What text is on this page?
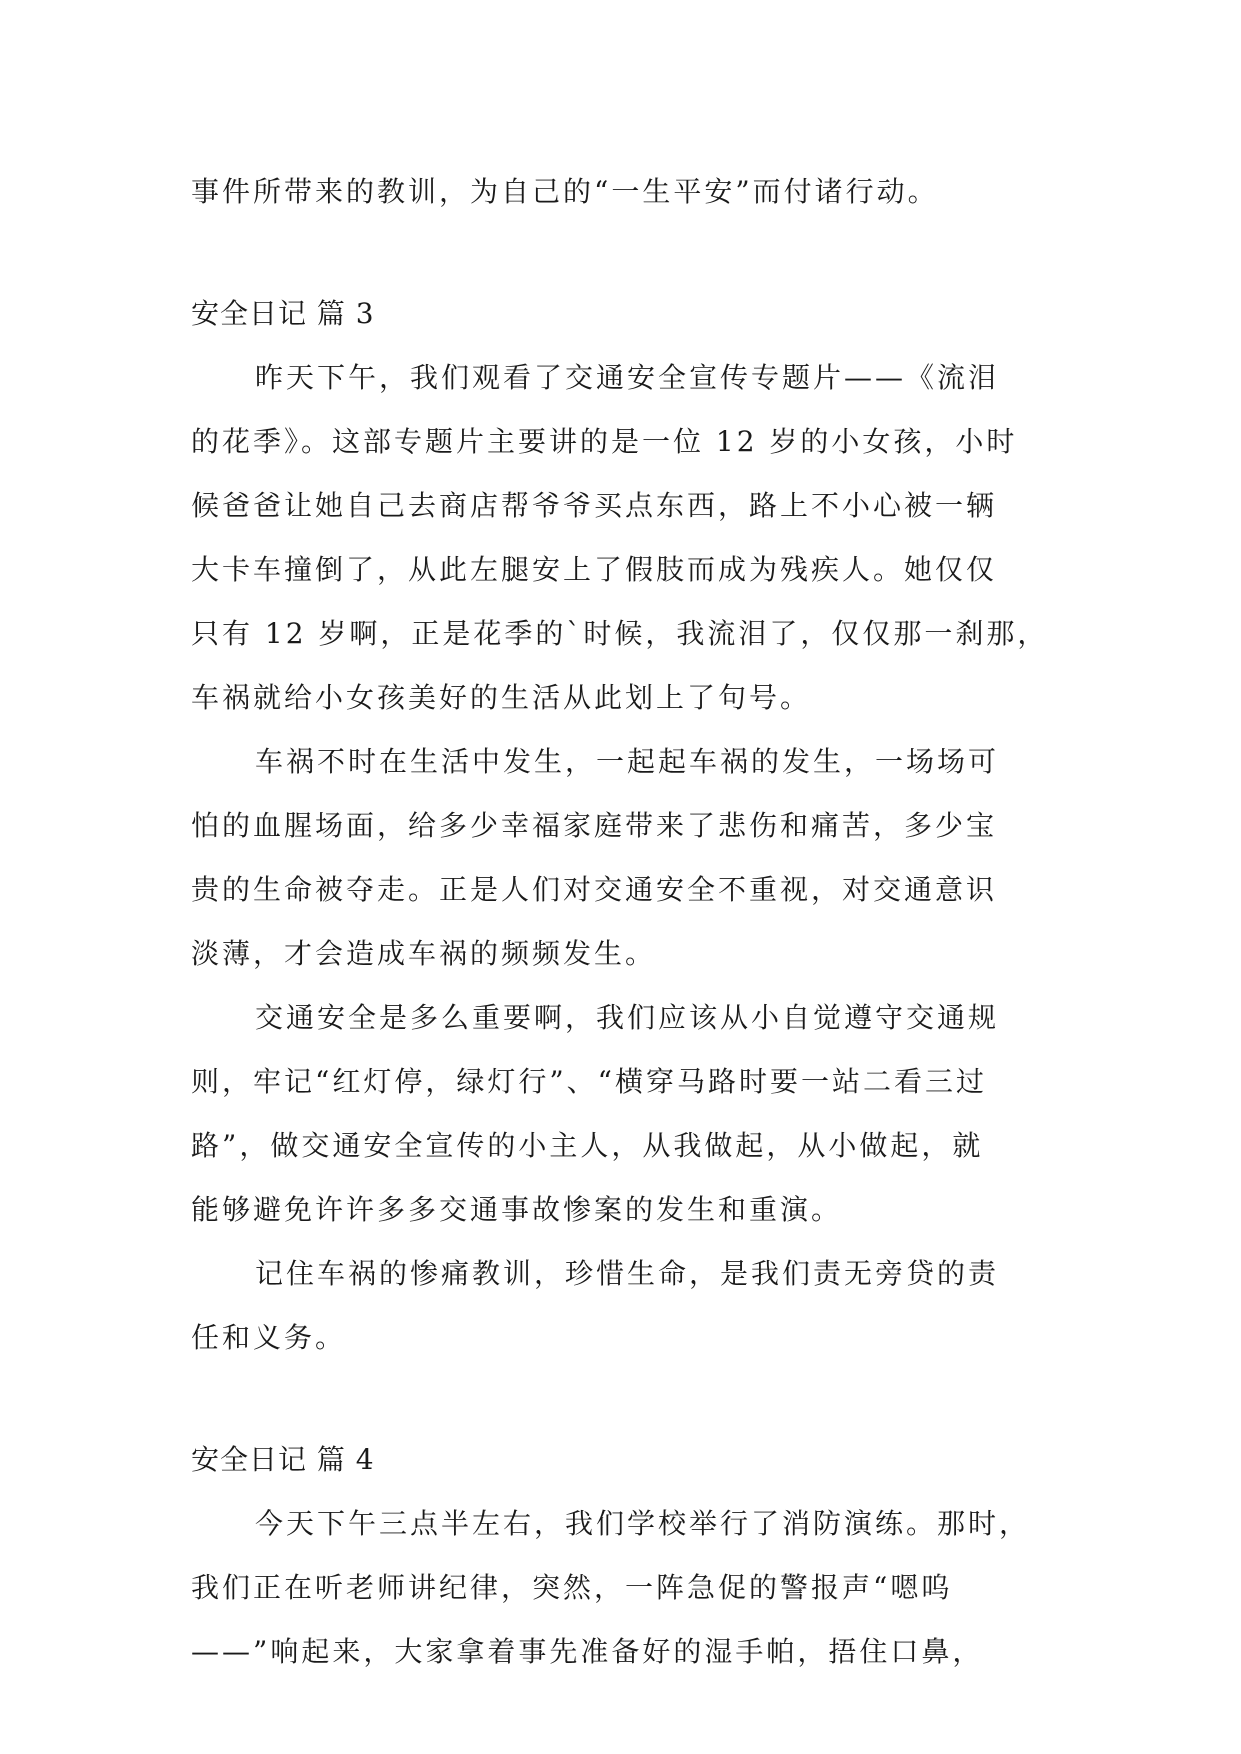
事件所带来的教训，为自己的“一生平安”而付诸行动。
安全日记 篇 3
昨天下午，我们观看了交通安全宣传专题片——《流泪
的花季》。这部专题片主要讲的是一位 12 岁的小女孩，小时
候爸爸让她自己去商店帮爷爷买点东西，路上不小心被一辆
大卡车撞倒了，从此左腿安上了假肢而成为残疾人。她仅仅
只有 12 岁啊，正是花季的`时候，我流泪了，仅仅那一刹那，
车祸就给小女孩美好的生活从此划上了句号。
车祸不时在生活中发生，一起起车祸的发生，一场场可
怕的血腥场面，给多少幸福家庭带来了悲伤和痛苦，多少宝
贵的生命被夺走。正是人们对交通安全不重视，对交通意识
淡薄，才会造成车祸的频频发生。
交通安全是多么重要啊，我们应该从小自觉遵守交通规
则，牢记“红灯停，绿灯行”、“横穿马路时要一站二看三过
路”，做交通安全宣传的小主人，从我做起，从小做起，就
能够避免许许多多交通事故惨案的发生和重演。
记住车祸的惨痛教训，珍惜生命，是我们责无旁贷的责
任和义务。
安全日记 篇 4
今天下午三点半左右，我们学校举行了消防演练。那时，
我们正在听老师讲纪律，突然，一阵急促的警报声“嗯呜
——”响起来，大家拿着事先准备好的湿手帕，捂住口鼻，
